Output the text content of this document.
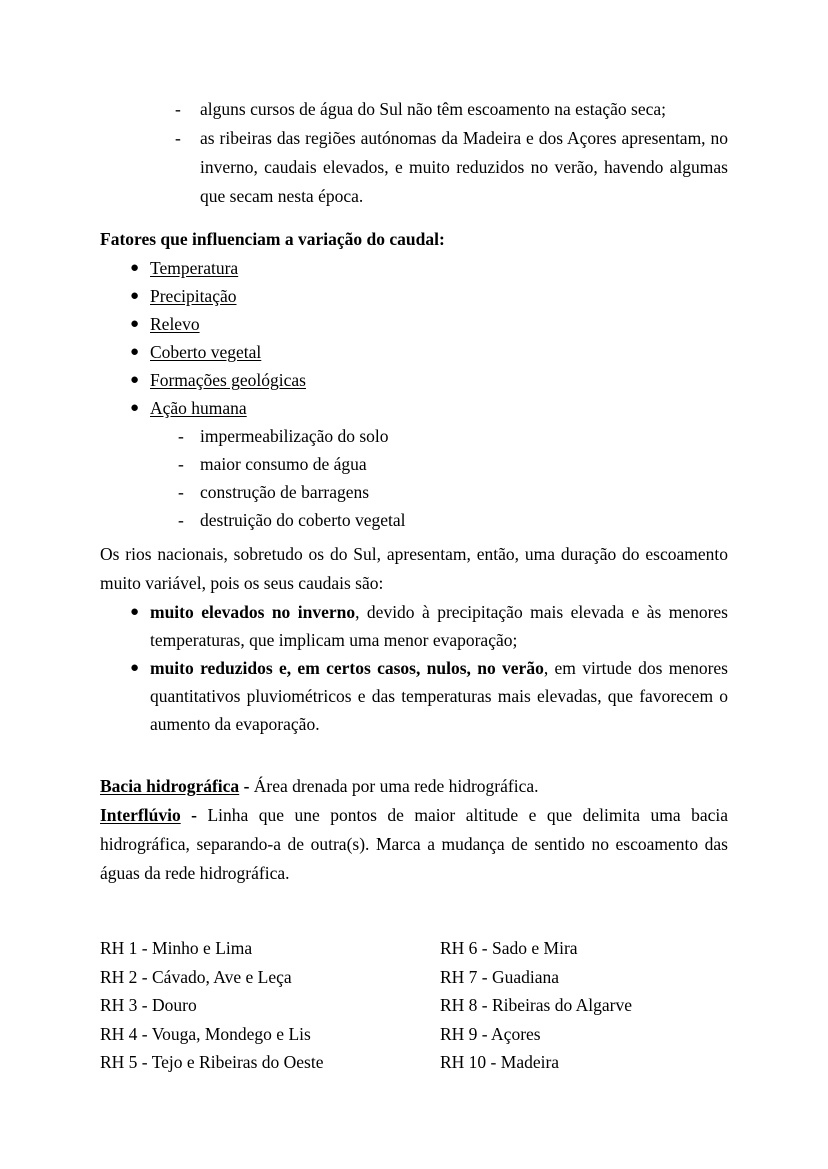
- alguns cursos de água do Sul não têm escoamento na estação seca;
- as ribeiras das regiões autónomas da Madeira e dos Açores apresentam, no inverno, caudais elevados, e muito reduzidos no verão, havendo algumas que secam nesta época.

Fatores que influenciam a variação do caudal:

● Temperatura
● Precipitação
● Relevo
● Coberto vegetal
● Formações geológicas
● Ação humana
- impermeabilização do solo
- maior consumo de água
- construção de barragens
- destruição do coberto vegetal

Os rios nacionais, sobretudo os do Sul, apresentam, então, uma duração do escoamento muito variável, pois os seus caudais são:

● muito elevados no inverno, devido à precipitação mais elevada e às menores temperaturas, que implicam uma menor evaporação;
● muito reduzidos e, em certos casos, nulos, no verão, em virtude dos menores quantitativos pluviométricos e das temperaturas mais elevadas, que favorecem o aumento da evaporação.

Bacia hidrográfica - Área drenada por uma rede hidrográfica.

Interflúvio - Linha que une pontos de maior altitude e que delimita uma bacia hidrográfica, separando-a de outra(s). Marca a mudança de sentido no escoamento das águas da rede hidrográfica.

RH 1 - Minho e Lima
RH 2 - Cávado, Ave e Leça
RH 3 - Douro
RH 4 - Vouga, Mondego e Lis
RH 5 - Tejo e Ribeiras do Oeste
RH 6 - Sado e Mira
RH 7 - Guadiana
RH 8 - Ribeiras do Algarve
RH 9 - Açores
RH 10 - Madeira
